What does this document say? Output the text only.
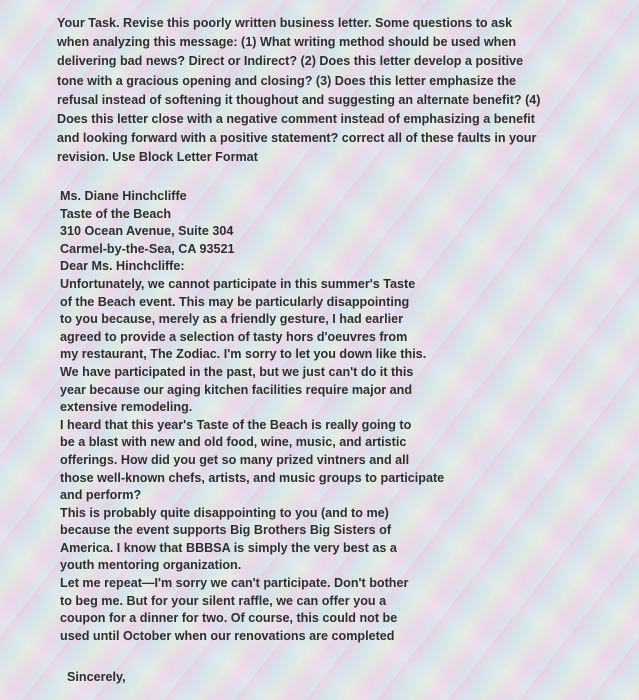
Your Task. Revise this poorly written business letter. Some questions to ask
when analyzing this message: (1) What writing method should be used when
delivering bad news? Direct or Indirect? (2) Does this letter develop a positive
tone with a gracious opening and closing? (3) Does this letter emphasize the
refusal instead of softening it thoughout and suggesting an alternate benefit? (4)
Does this letter close with a negative comment instead of emphasizing a benefit
and looking forward with a positive statement? correct all of these faults in your
revision. Use Block Letter Format
Ms. Diane Hinchcliffe
Taste of the Beach
310 Ocean Avenue, Suite 304
Carmel-by-the-Sea, CA 93521
Dear Ms. Hinchcliffe:
Unfortunately, we cannot participate in this summer's Taste
of the Beach event. This may be particularly disappointing
to you because, merely as a friendly gesture, I had earlier
agreed to provide a selection of tasty hors d'oeuvres from
my restaurant, The Zodiac. I'm sorry to let you down like this.
We have participated in the past, but we just can't do it this
year because our aging kitchen facilities require major and
extensive remodeling.
I heard that this year's Taste of the Beach is really going to
be a blast with new and old food, wine, music, and artistic
offerings. How did you get so many prized vintners and all
those well-known chefs, artists, and music groups to participate
and perform?
This is probably quite disappointing to you (and to me)
because the event supports Big Brothers Big Sisters of
America. I know that BBBSA is simply the very best as a
youth mentoring organization.
Let me repeat—I'm sorry we can't participate. Don't bother
to beg me. But for your silent raffle, we can offer you a
coupon for a dinner for two. Of course, this could not be
used until October when our renovations are completed
Sincerely,
